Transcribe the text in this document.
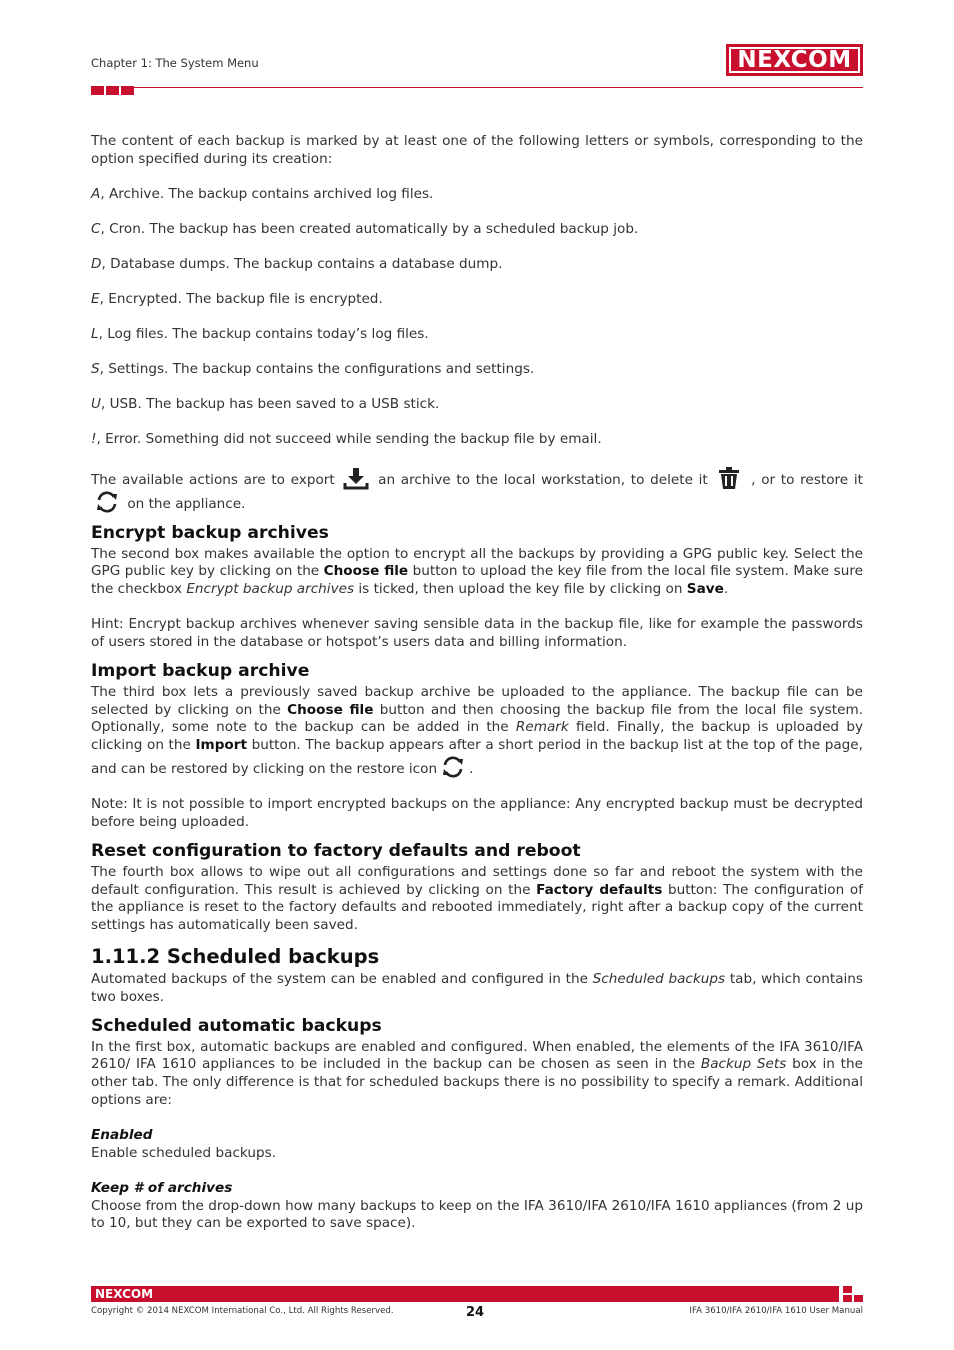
Chapter 1: The System Menu	NEXCOM

The content of each backup is marked by at least one of the following letters or symbols, corresponding to the option specified during its creation:

A, Archive. The backup contains archived log files.

C, Cron. The backup has been created automatically by a scheduled backup job.

D, Database dumps. The backup contains a database dump.

E, Encrypted. The backup file is encrypted.

L, Log files. The backup contains today’s log files.

S, Settings. The backup contains the configurations and settings.

U, USB. The backup has been saved to a USB stick.

!, Error. Something did not succeed while sending the backup file by email.

The available actions are to export	an archive to the local workstation, to delete it	, or to restore it
on the appliance.

Encrypt backup archives

The second box makes available the option to encrypt all the backups by providing a GPG public key. Select the GPG public key by clicking on the Choose file button to upload the key file from the local file system. Make sure the checkbox Encrypt backup archives is ticked, then upload the key file by clicking on Save.

Hint: Encrypt backup archives whenever saving sensible data in the backup file, like for example the passwords of users stored in the database or hotspot’s users data and billing information.

Import backup archive

The third box lets a previously saved backup archive be uploaded to the appliance. The backup file can be selected by clicking on the Choose file button and then choosing the backup file from the local file system. Optionally, some note to the backup can be added in the Remark field. Finally, the backup is uploaded by clicking on the Import button. The backup appears after a short period in the backup list at the top of the page, and can be restored by clicking on the restore icon .

Note: It is not possible to import encrypted backups on the appliance: Any encrypted backup must be decrypted before being uploaded.

Reset configuration to factory defaults and reboot

The fourth box allows to wipe out all configurations and settings done so far and reboot the system with the default configuration. This result is achieved by clicking on the Factory defaults button: The configuration of the appliance is reset to the factory defaults and rebooted immediately, right after a backup copy of the current settings has automatically been saved.

1.11.2 Scheduled backups

Automated backups of the system can be enabled and configured in the Scheduled backups tab, which contains two boxes.

Scheduled automatic backups

In the first box, automatic backups are enabled and configured. When enabled, the elements of the IFA 3610/IFA 2610/ IFA 1610 appliances to be included in the backup can be chosen as seen in the Backup Sets box in the other tab. The only difference is that for scheduled backups there is no possibility to specify a remark. Additional options are:

Enabled

Enable scheduled backups.

Keep # of archives

Choose from the drop-down how many backups to keep on the IFA 3610/IFA 2610/IFA 1610 appliances (from 2 up to 10, but they can be exported to save space).

NEXCOM
Copyright © 2014 NEXCOM International Co., Ltd. All Rights Reserved.	24	IFA 3610/IFA 2610/IFA 1610 User Manual
